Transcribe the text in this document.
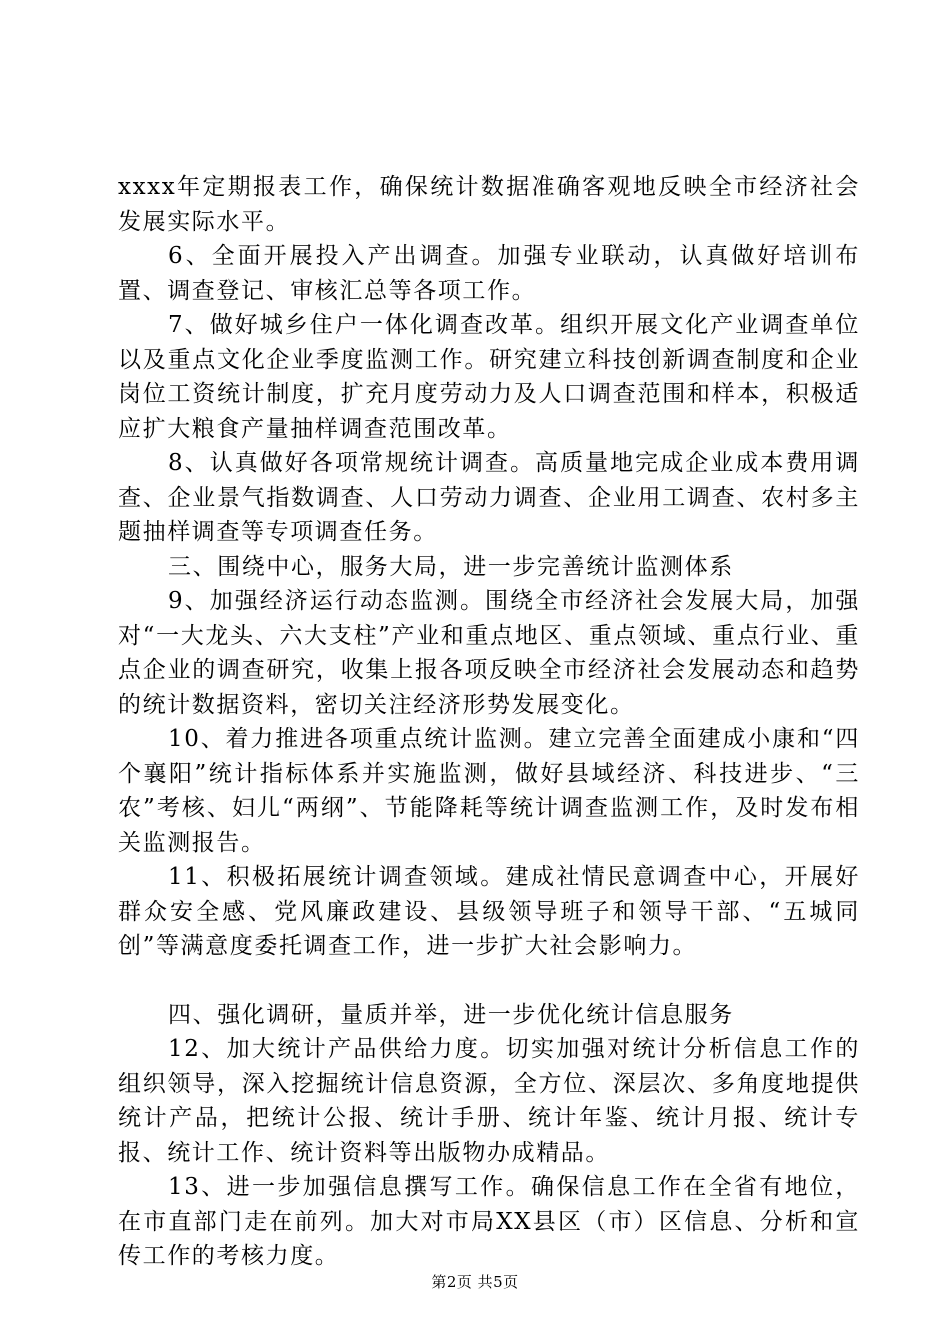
xxxx年定期报表工作，确保统计数据准确客观地反映全市经济社会发展实际水平。

6、全面开展投入产出调查。加强专业联动，认真做好培训布置、调查登记、审核汇总等各项工作。

7、做好城乡住户一体化调查改革。组织开展文化产业调查单位以及重点文化企业季度监测工作。研究建立科技创新调查制度和企业岗位工资统计制度，扩充月度劳动力及人口调查范围和样本，积极适应扩大粮食产量抽样调查范围改革。

8、认真做好各项常规统计调查。高质量地完成企业成本费用调查、企业景气指数调查、人口劳动力调查、企业用工调查、农村多主题抽样调查等专项调查任务。

三、围绕中心，服务大局，进一步完善统计监测体系

9、加强经济运行动态监测。围绕全市经济社会发展大局，加强对“一大龙头、六大支柱”产业和重点地区、重点领域、重点行业、重点企业的调查研究，收集上报各项反映全市经济社会发展动态和趋势的统计数据资料，密切关注经济形势发展变化。

10、着力推进各项重点统计监测。建立完善全面建成小康和“四个襄阳”统计指标体系并实施监测，做好县域经济、科技进步、“三农”考核、妇儿“两纲”、节能降耗等统计调查监测工作，及时发布相关监测报告。

11、积极拓展统计调查领域。建成社情民意调查中心，开展好群众安全感、党风廉政建设、县级领导班子和领导干部、“五城同创”等满意度委托调查工作，进一步扩大社会影响力。

四、强化调研，量质并举，进一步优化统计信息服务

12、加大统计产品供给力度。切实加强对统计分析信息工作的组织领导，深入挖掘统计信息资源，全方位、深层次、多角度地提供统计产品，把统计公报、统计手册、统计年鉴、统计月报、统计专报、统计工作、统计资料等出版物办成精品。

13、进一步加强信息撰写工作。确保信息工作在全省有地位，在市直部门走在前列。加大对市局XX县区（市）区信息、分析和宣传工作的考核力度。

第2页 共5页
